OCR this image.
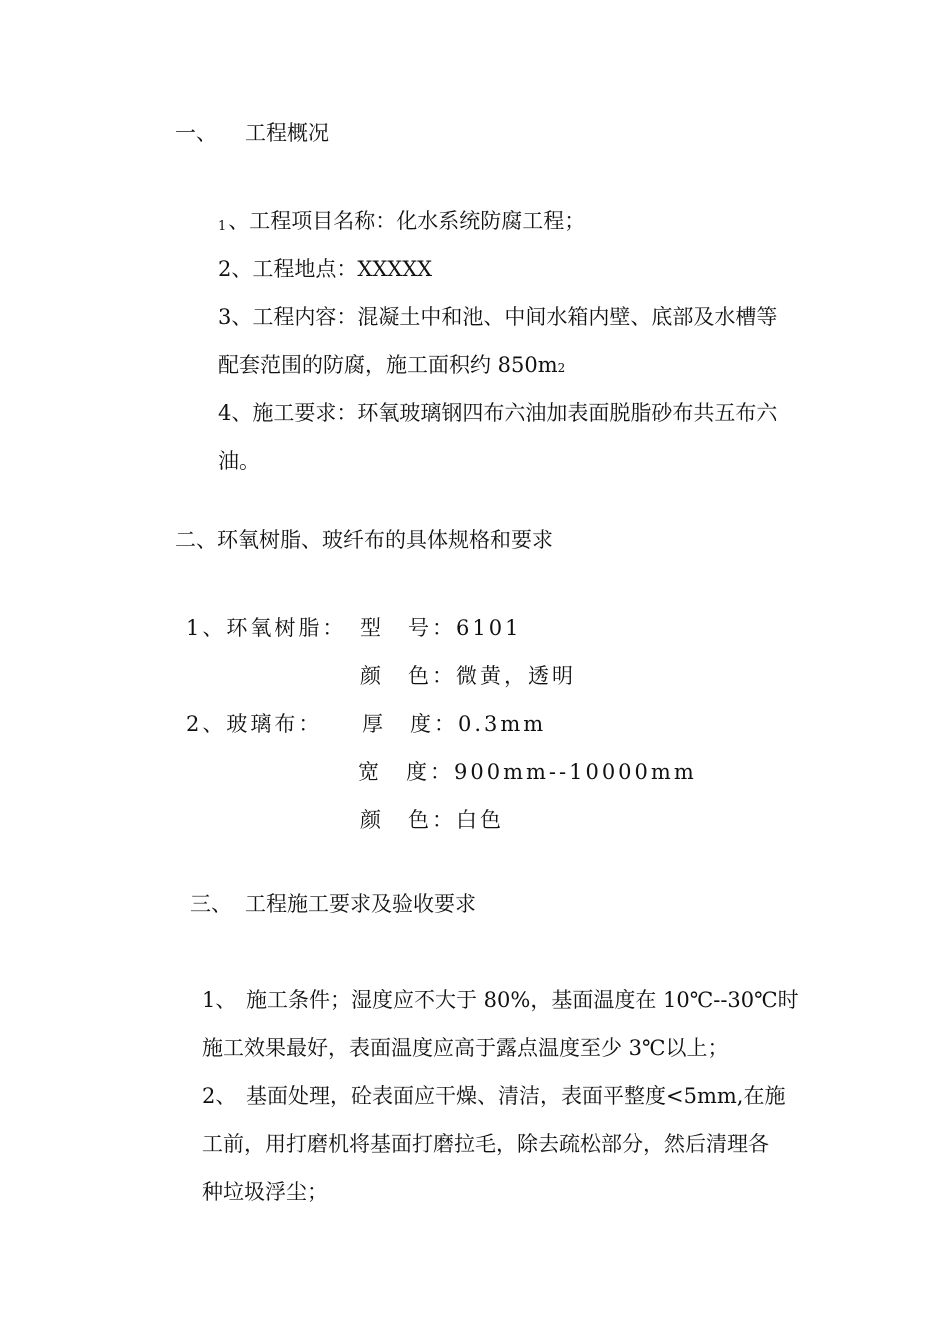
一、 工程概况
1、工程项目名称：化水系统防腐工程；
2、工程地点：XXXXX
3、工程内容：混凝土中和池、中间水箱内壁、底部及水槽等
配套范围的防腐，施工面积约 850m2
4、施工要求：环氧玻璃钢四布六油加表面脱脂砂布共五布六
油。
二、环氧树脂、玻纤布的具体规格和要求
1、环氧树脂： 型　号：6101
颜　色：微黄，透明
2、玻璃布： 厚　度：0.3mm
宽　度：900mm--10000mm
颜　色：白色
三、 工程施工要求及验收要求
1、 施工条件；湿度应不大于 80%，基面温度在 10℃--30℃时
施工效果最好，表面温度应高于露点温度至少 3℃以上；
2、 基面处理，砼表面应干燥、清洁，表面平整度<5mm,在施
工前，用打磨机将基面打磨拉毛，除去疏松部分，然后清理各
种垃圾浮尘；
